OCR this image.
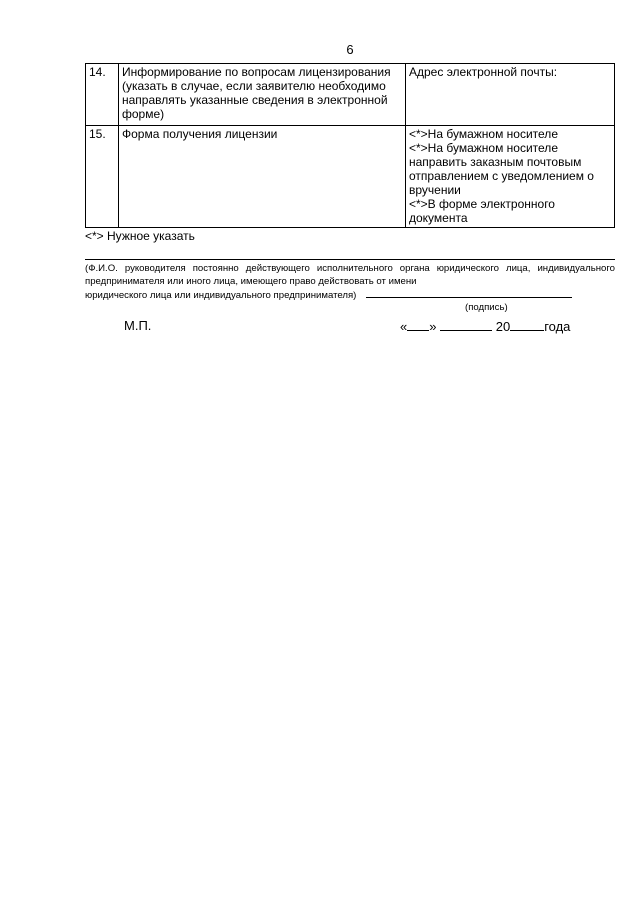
6
14.	Информирование по вопросам лицензирования (указать в случае, если заявителю необходимо направлять указанные сведения в электронной форме)	Адрес электронной почты:
15.	Форма получения лицензии	<*>На бумажном носителе
<*>На бумажном носителе направить заказным почтовым отправлением с уведомлением о вручении
<*>В форме электронного документа
<*> Нужное указать
(Ф.И.О. руководителя постоянно действующего исполнительного органа юридического лица, индивидуального предпринимателя или иного лица, имеющего право действовать от имени
юридического лица или индивидуального предпринимателя)
(подпись)
М.П.	« »	20	года
